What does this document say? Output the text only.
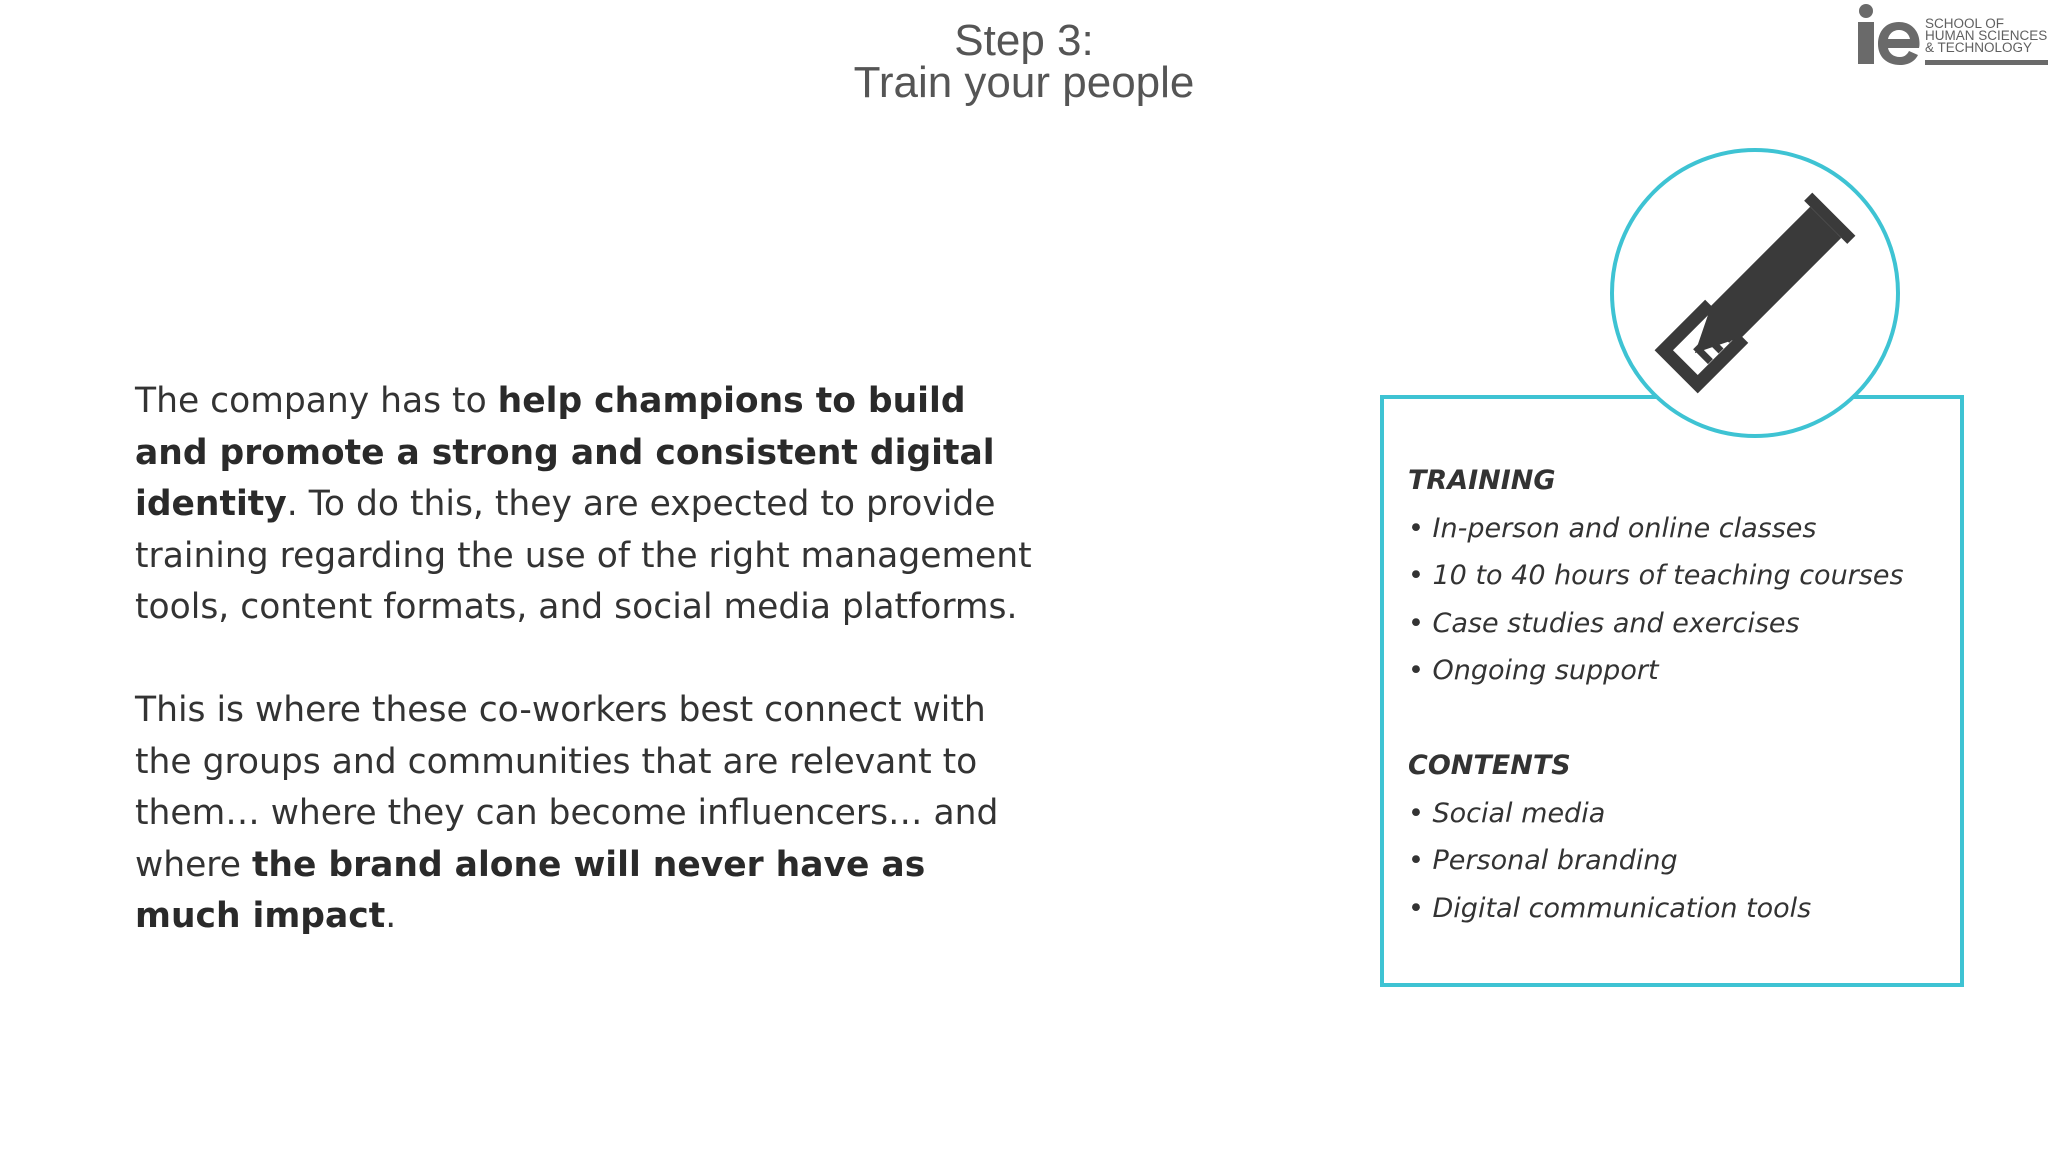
Step 3:
Train your people
SCHOOL OF
HUMAN SCIENCES
& TECHNOLOGY

The company has to help champions to build and promote a strong and consistent digital identity. To do this, they are expected to provide training regarding the use of the right management tools, content formats, and social media platforms.

This is where these co-workers best connect with the groups and communities that are relevant to them… where they can become influencers… and where the brand alone will never have as much impact.

TRAINING
• In-person and online classes
• 10 to 40 hours of teaching courses
• Case studies and exercises
• Ongoing support
CONTENTS
• Social media
• Personal branding
• Digital communication tools
